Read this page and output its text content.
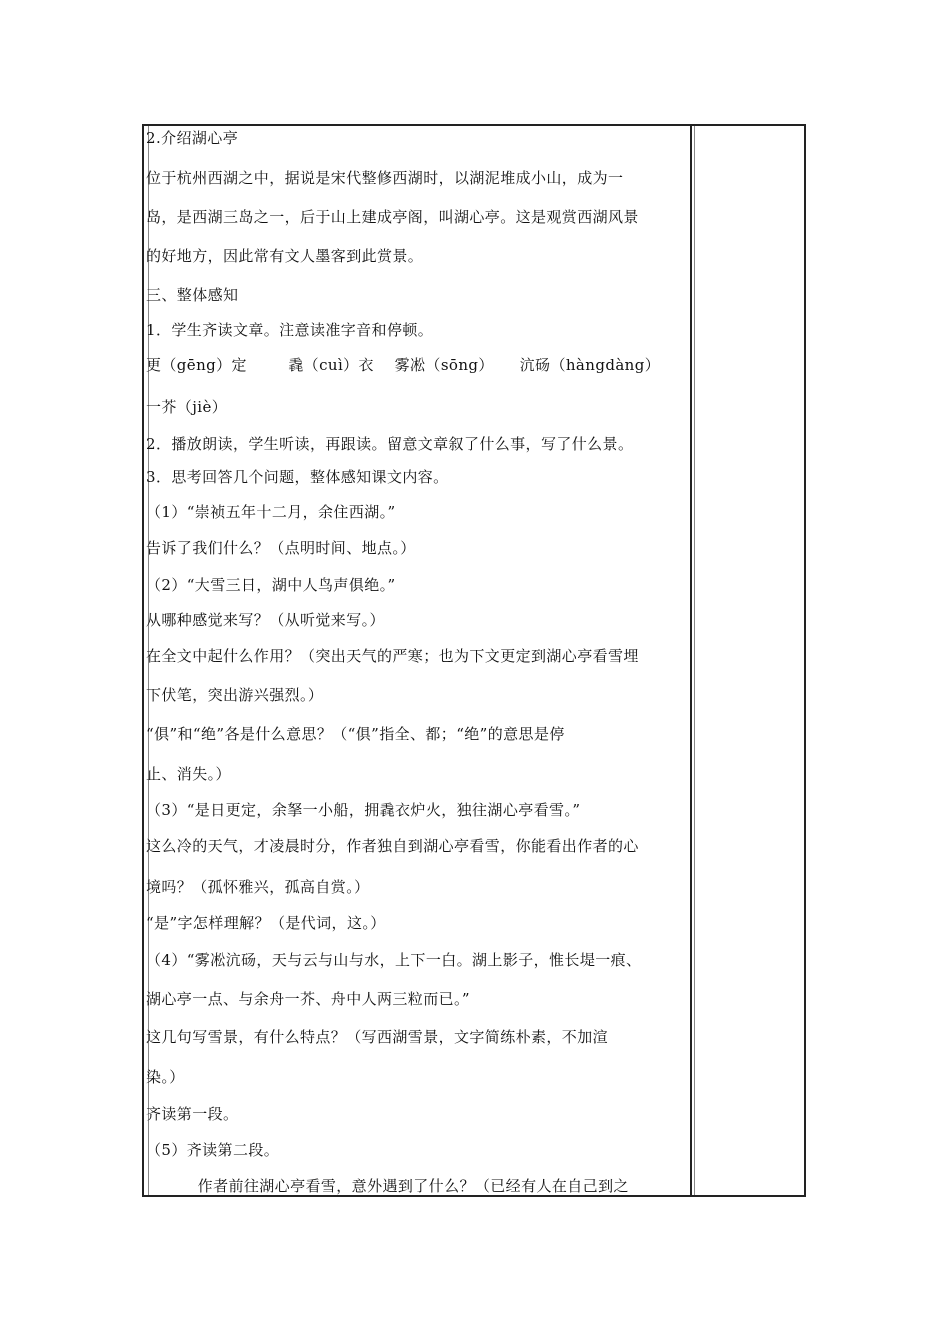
2.介绍湖心亭
位于杭州西湖之中，据说是宋代整修西湖时，以湖泥堆成小山，成为一
岛，是西湖三岛之一，后于山上建成亭阁，叫湖心亭。这是观赏西湖风景
的好地方，因此常有文人墨客到此赏景。
三、整体感知
1．学生齐读文章。注意读准字音和停顿。
更（gēng）定        毳（cuì）衣    雾凇（sōng）     沆砀（hàngdàng）
一芥（jiè）
2．播放朗读，学生听读，再跟读。留意文章叙了什么事，写了什么景。
3．思考回答几个问题，整体感知课文内容。
（1）“崇祯五年十二月，余住西湖。”
告诉了我们什么？（点明时间、地点。）
（2）“大雪三日，湖中人鸟声俱绝。”
从哪种感觉来写？（从听觉来写。）
在全文中起什么作用？（突出天气的严寒；也为下文更定到湖心亭看雪埋
下伏笔，突出游兴强烈。）
“俱”和“绝”各是什么意思？（“俱”指全、都；“绝”的意思是停
止、消失。）
（3）“是日更定，余拏一小船，拥毳衣炉火，独往湖心亭看雪。”
这么冷的天气，才凌晨时分，作者独自到湖心亭看雪，你能看出作者的心
境吗？（孤怀雅兴，孤高自赏。）
“是”字怎样理解？（是代词，这。）
（4）“雾凇沆砀，天与云与山与水，上下一白。湖上影子，惟长堤一痕、
湖心亭一点、与余舟一芥、舟中人两三粒而已。”
这几句写雪景，有什么特点？（写西湖雪景，文字简练朴素，不加渲
染。）
齐读第一段。
（5）齐读第二段。
作者前往湖心亭看雪，意外遇到了什么？（已经有人在自己到之
